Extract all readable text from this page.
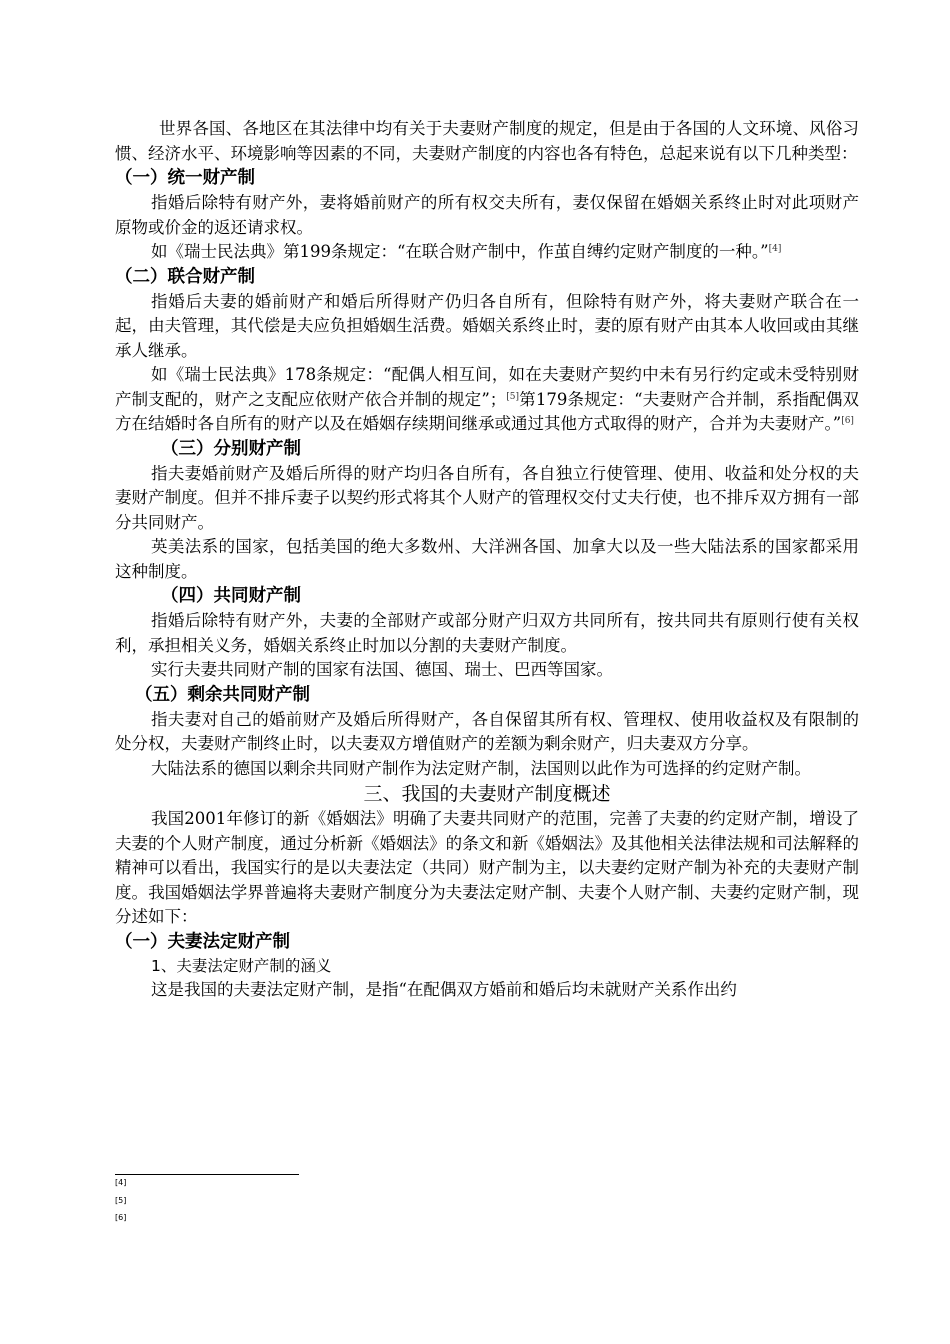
世界各国、各地区在其法律中均有关于夫妻财产制度的规定，但是由于各国的人文环境、风俗习惯、经济水平、环境影响等因素的不同，夫妻财产制度的内容也各有特色，总起来说有以下几种类型：

（一）统一财产制

指婚后除特有财产外，妻将婚前财产的所有权交夫所有，妻仅保留在婚姻关系终止时对此项财产原物或价金的返还请求权。

如《瑞士民法典》第199条规定：“在联合财产制中，作茧自缚约定财产制度的一种。”[4]

（二）联合财产制

指婚后夫妻的婚前财产和婚后所得财产仍归各自所有，但除特有财产外，将夫妻财产联合在一起，由夫管理，其代偿是夫应负担婚姻生活费。婚姻关系终止时，妻的原有财产由其本人收回或由其继承人继承。

如《瑞士民法典》178条规定：“配偶人相互间，如在夫妻财产契约中未有另行约定或未受特别财产制支配的，财产之支配应依财产依合并制的规定”；[5]第179条规定：“夫妻财产合并制，系指配偶双方在结婚时各自所有的财产以及在婚姻存续期间继承或通过其他方式取得的财产，合并为夫妻财产。”[6]

（三）分别财产制

指夫妻婚前财产及婚后所得的财产均归各自所有，各自独立行使管理、使用、收益和处分权的夫妻财产制度。但并不排斥妻子以契约形式将其个人财产的管理权交付丈夫行使，也不排斥双方拥有一部分共同财产。

英美法系的国家，包括美国的绝大多数州、大洋洲各国、加拿大以及一些大陆法系的国家都采用这种制度。

（四）共同财产制

指婚后除特有财产外，夫妻的全部财产或部分财产归双方共同所有，按共同共有原则行使有关权利，承担相关义务，婚姻关系终止时加以分割的夫妻财产制度。

实行夫妻共同财产制的国家有法国、德国、瑞士、巴西等国家。

（五）剩余共同财产制

指夫妻对自己的婚前财产及婚后所得财产，各自保留其所有权、管理权、使用收益权及有限制的处分权，夫妻财产制终止时，以夫妻双方增值财产的差额为剩余财产，归夫妻双方分享。

大陆法系的德国以剩余共同财产制作为法定财产制，法国则以此作为可选择的约定财产制。

三、我国的夫妻财产制度概述

我国2001年修订的新《婚姻法》明确了夫妻共同财产的范围，完善了夫妻的约定财产制，增设了夫妻的个人财产制度，通过分析新《婚姻法》的条文和新《婚姻法》及其他相关法律法规和司法解释的精神可以看出，我国实行的是以夫妻法定（共同）财产制为主，以夫妻约定财产制为补充的夫妻财产制度。我国婚姻法学界普遍将夫妻财产制度分为夫妻法定财产制、夫妻个人财产制、夫妻约定财产制，现分述如下：

（一）夫妻法定财产制

1、夫妻法定财产制的涵义

这是我国的夫妻法定财产制，是指“在配偶双方婚前和婚后均未就财产关系作出约

[4]
[5]
[6]
